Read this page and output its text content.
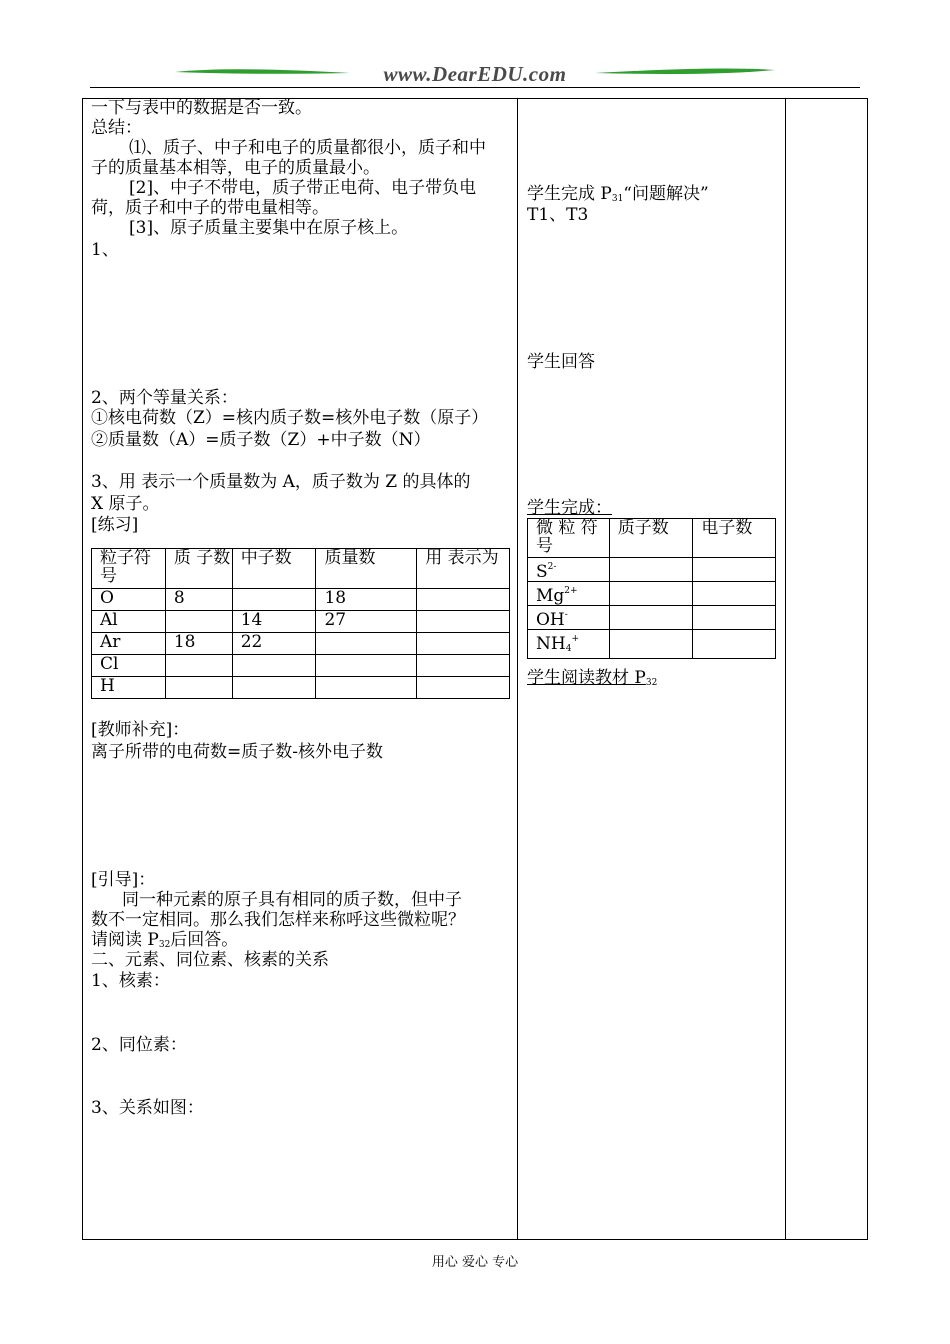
www.DearEDU.com
一下与表中的数据是否一致。
总结：
⑴、质子、中子和电子的质量都很小，质子和中
子的质量基本相等，电子的质量最小。
[2]、中子不带电，质子带正电荷、电子带负电
荷，质子和中子的带电量相等。
[3]、原子质量主要集中在原子核上。
1、
2、两个等量关系：
①核电荷数（Z）=核内质子数=核外电子数（原子）
②质量数（A）=质子数（Z）+中子数（N）
3、用 表示一个质量数为 A，质子数为 Z 的具体的
X 原子。
[练习]
粒子符号	质 子数	中子数	质量数	用 表示为
O	8		18	
Al		14	27	
Ar	18	22		
Cl				
H				
[教师补充]：
离子所带的电荷数=质子数-核外电子数
[引导]：
同一种元素的原子具有相同的质子数，但中子
数不一定相同。那么我们怎样来称呼这些微粒呢？
请阅读 $P_{32}$后回答。
二、元素、同位素、核素的关系
1、核素：
2、同位素：
3、关系如图：
学生完成 $P_{31}“$问题解决”
T1、T3
学生回答
学生完成：
微 粒 符号	质子数	电子数
$S^{2-}$		
$Mg^{2+}$		
OH-		
$NH_4^+$		
学生阅读教材 $P_{32}$
用心 爱心 专心
